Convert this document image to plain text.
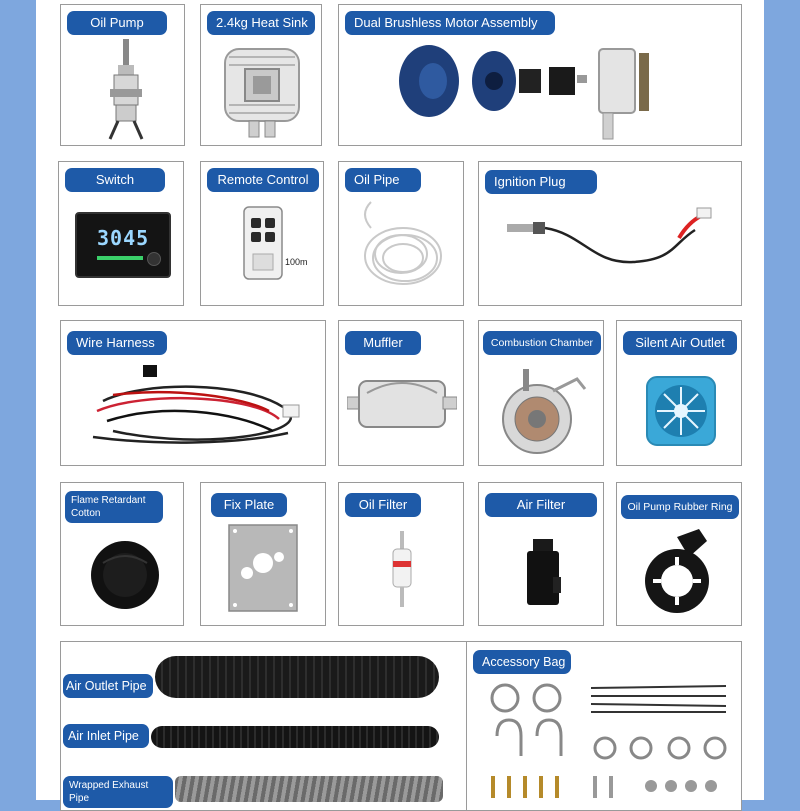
Oil Pump	2.4kg Heat Sink	Dual Brushless Motor Assembly
Switch
3045
Remote Control
100m
Oil Pipe	Ignition Plug
Wire Harness	Muffler	Combustion Chamber	Silent Air Outlet
Flame Retardant Cotton
Fix Plate	Oil Filter	Air Filter	Oil Pump Rubber Ring
Air Outlet Pipe
Air Inlet Pipe
Wrapped Exhaust Pipe
Accessory Bag
